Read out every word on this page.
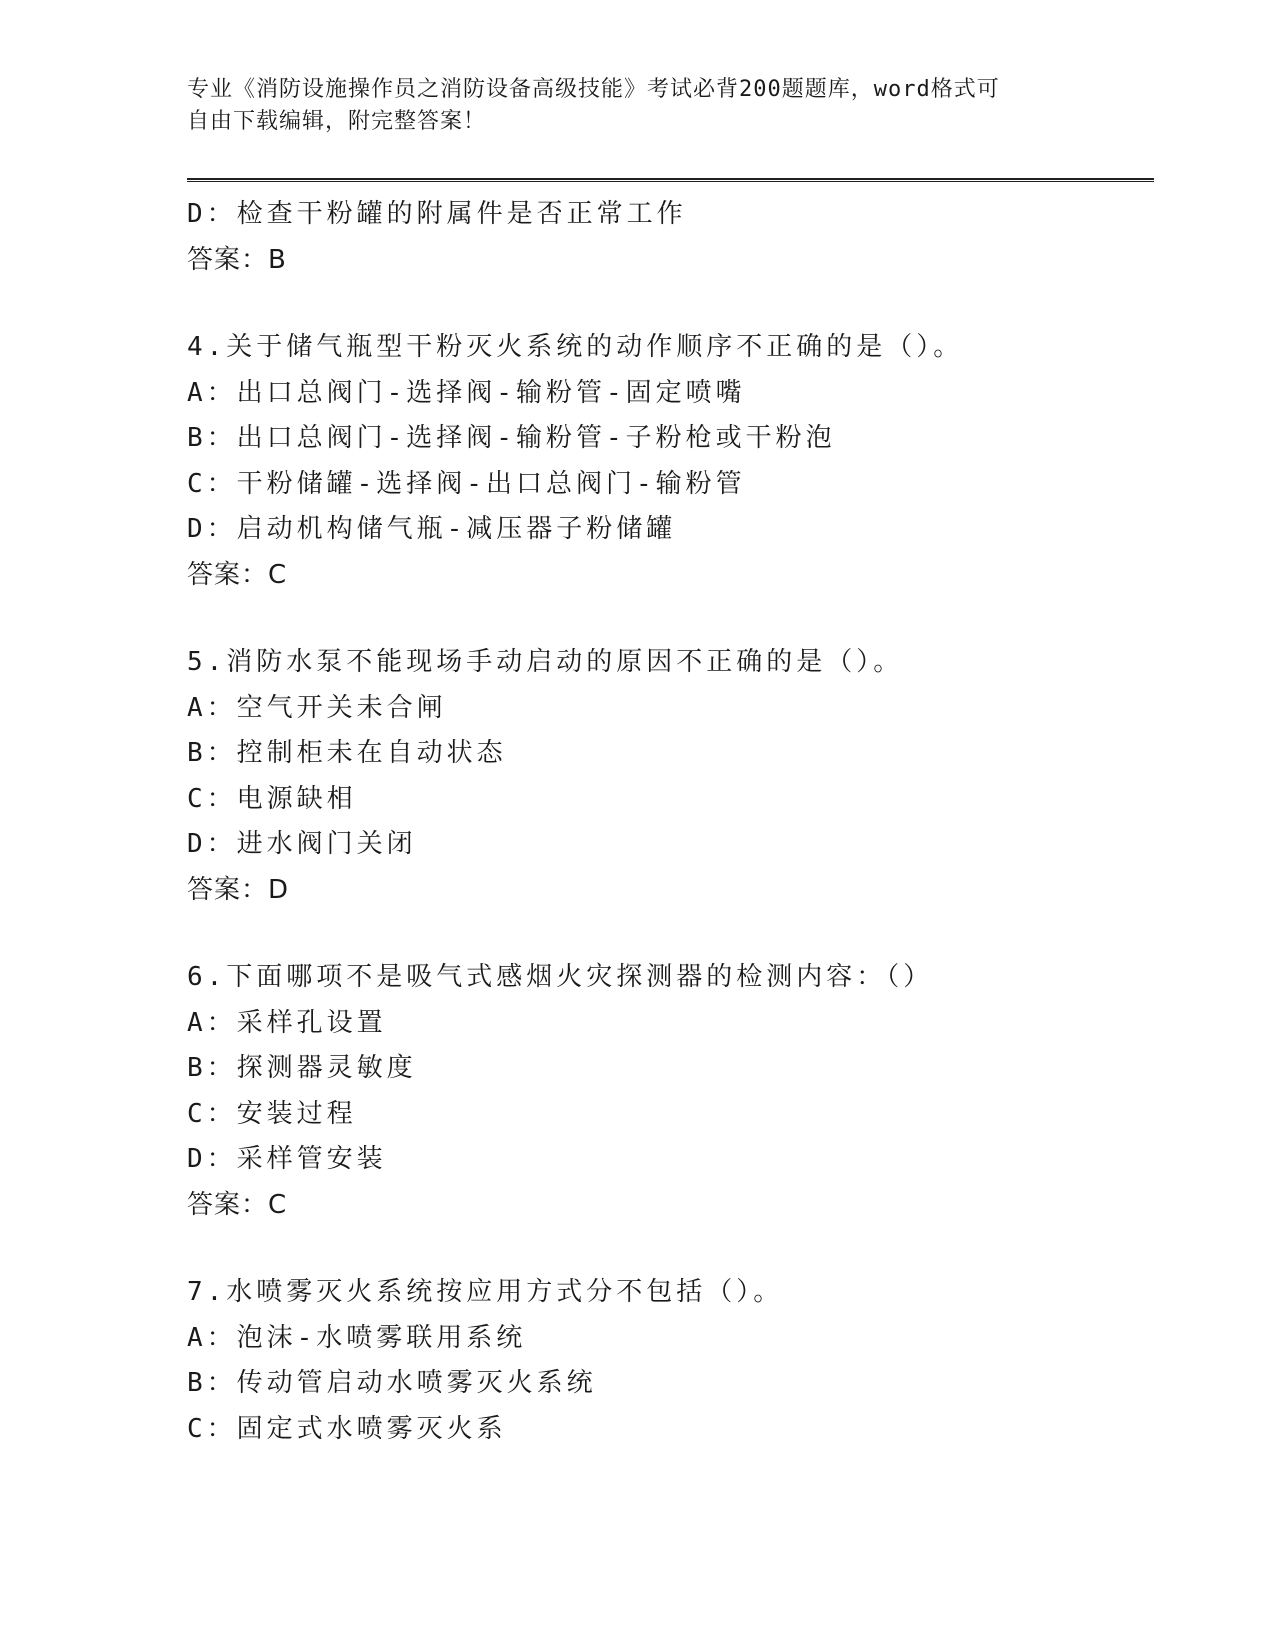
专业《消防设施操作员之消防设备高级技能》考试必背200题题库，word格式可
自由下载编辑，附完整答案！
D：检查干粉罐的附属件是否正常工作
答案：B
4.关于储气瓶型干粉灭火系统的动作顺序不正确的是（）。
A：出口总阀门-选择阀-输粉管-固定喷嘴
B：出口总阀门-选择阀-输粉管-子粉枪或干粉泡
C：干粉储罐-选择阀-出口总阀门-输粉管
D：启动机构储气瓶-减压器子粉储罐
答案：C
5.消防水泵不能现场手动启动的原因不正确的是（）。
A：空气开关未合闸
B：控制柜未在自动状态
C：电源缺相
D：进水阀门关闭
答案：D
6.下面哪项不是吸气式感烟火灾探测器的检测内容：（）
A：采样孔设置
B：探测器灵敏度
C：安装过程
D：采样管安装
答案：C
7.水喷雾灭火系统按应用方式分不包括（）。
A：泡沫-水喷雾联用系统
B：传动管启动水喷雾灭火系统
C：固定式水喷雾灭火系
